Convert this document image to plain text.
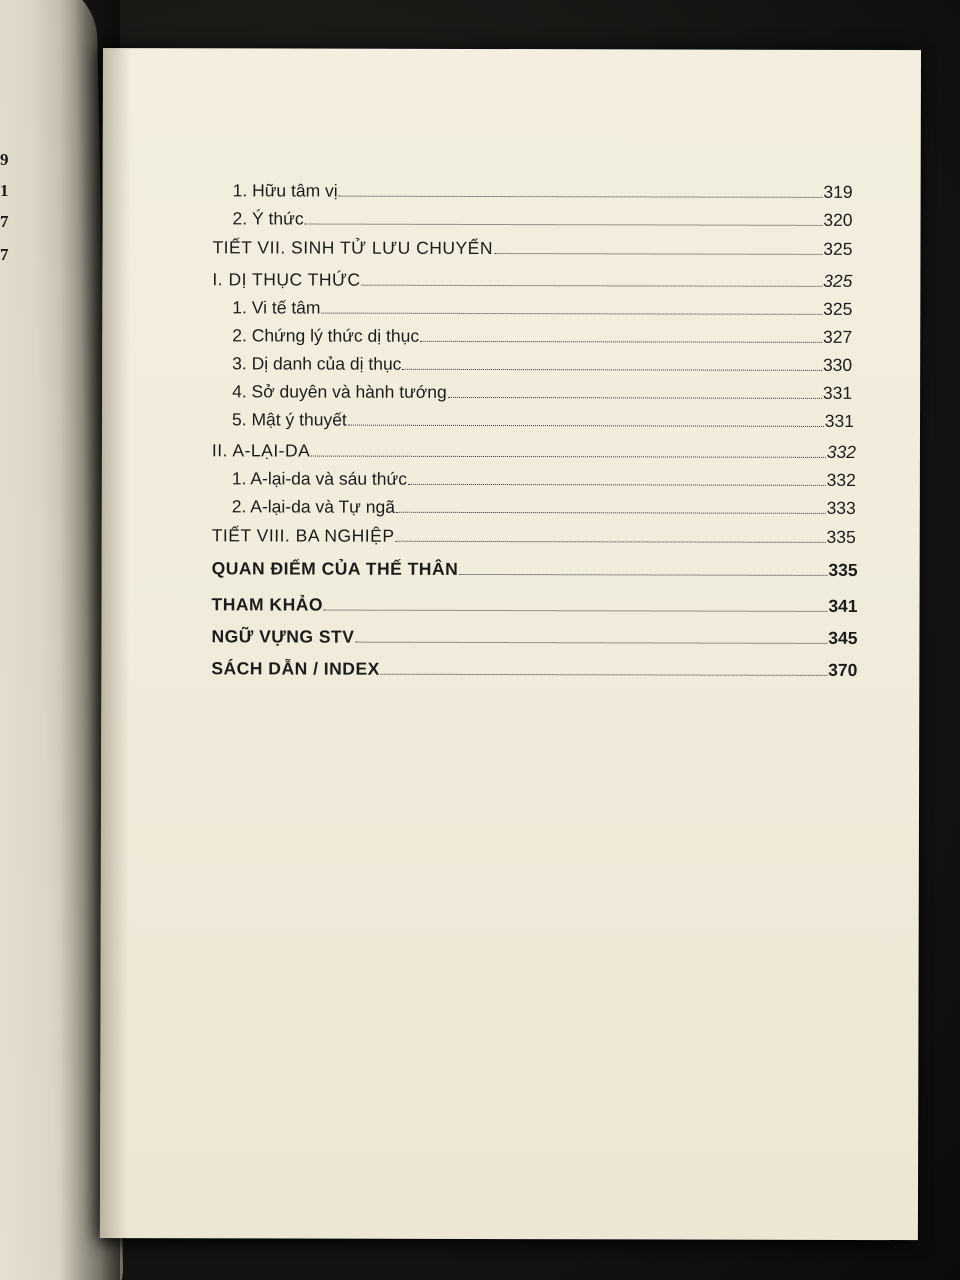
9
1
7
7
1. Hữu tâm vị	319
2. Ý thức	320
TIẾT VII. SINH TỬ LƯU CHUYỂN	325
I. DỊ THỤC THỨC	325
1. Vi tế tâm	325
2. Chứng lý thức dị thục	327
3. Dị danh của dị thục	330
4. Sở duyên và hành tướng	331
5. Mật ý thuyết	331
II. A-LẠI-DA	332
1. A-lại-da và sáu thức	332
2. A-lại-da và Tự ngã	333
TIẾT VIII. BA NGHIỆP	335
QUAN ĐIỂM CỦA THẾ THÂN	335
THAM KHẢO	341
NGỮ VỰNG STV	345
SÁCH DẪN / INDEX	370
